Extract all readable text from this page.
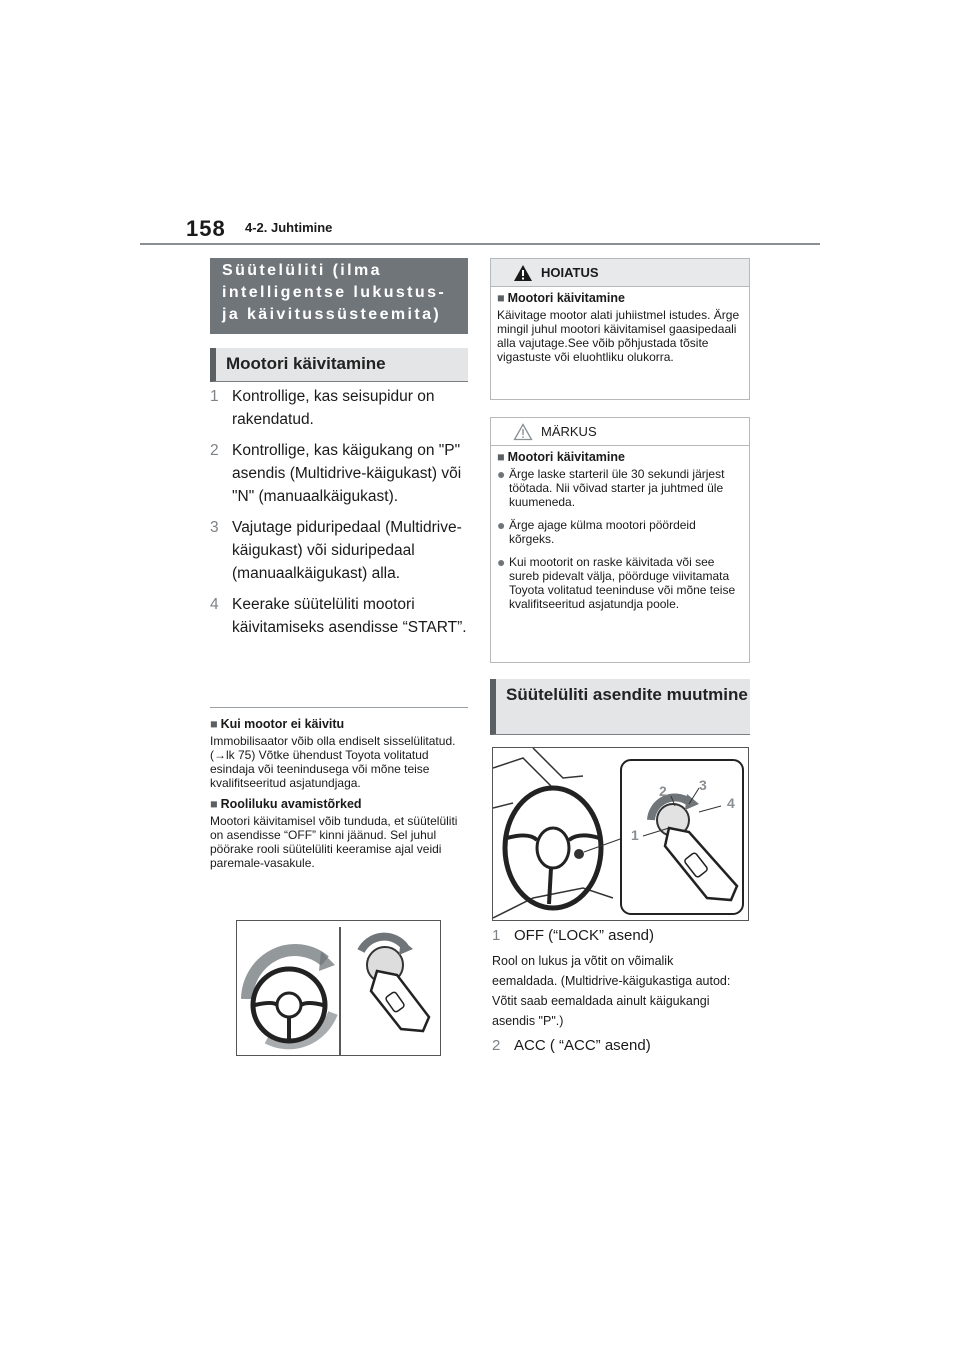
158 4-2. Juhtimine
Süütelüliti (ilma intelligentse lukustus- ja käivitussüsteemita)
Mootori käivitamine
1 Kontrollige, kas seisupidur on rakendatud.
2 Kontrollige, kas käigukang on "P" asendis (Multidrive-käigukast) või "N" (manuaalkäigukast).
3 Vajutage piduripedaal (Multidrive-käigukast) või siduripedaal (manuaalkäigukast) alla.
4 Keerake süütelüliti mootori käivitamiseks asendisse “START”.
■ Kui mootor ei käivitu
Immobilisaator võib olla endiselt sisselülitatud. (→lk 75) Võtke ühendust Toyota volitatud esindaja või teenindusega või mõne teise kvalifitseeritud asjatundjaga.
■ Rooliluku avamistõrked
Mootori käivitamisel võib tunduda, et süütelüliti on asendisse “OFF” kinni jäänud. Sel juhul pöörake rooli süütelüliti keeramise ajal veidi paremale-vasakule.
HOIATUS
■ Mootori käivitamine
Käivitage mootor alati juhiistmel istudes. Ärge mingil juhul mootori käivitamisel gaasipedaali alla vajutage.See võib põhjustada tõsite vigastuste või eluohtliku olukorra.
MÄRKUS
■ Mootori käivitamine
● Ärge laske starteril üle 30 sekundi järjest töötada. Nii võivad starter ja juhtmed üle kuumeneda.
● Ärge ajage külma mootori pöördeid kõrgeks.
● Kui mootorit on raske käivitada või see sureb pidevalt välja, pöörduge viivitamata Toyota volitatud teeninduse või mõne teise kvalifitseeritud asjatundja poole.
Süütelüliti asendite muutmine
1
2 3
4
1 OFF (“LOCK” asend)
Rool on lukus ja võtit on võimalik eemaldada. (Multidrive-käigukastiga autod: Võtit saab eemaldada ainult käigukangi asendis "P".)
2 ACC ( “ACC” asend)
